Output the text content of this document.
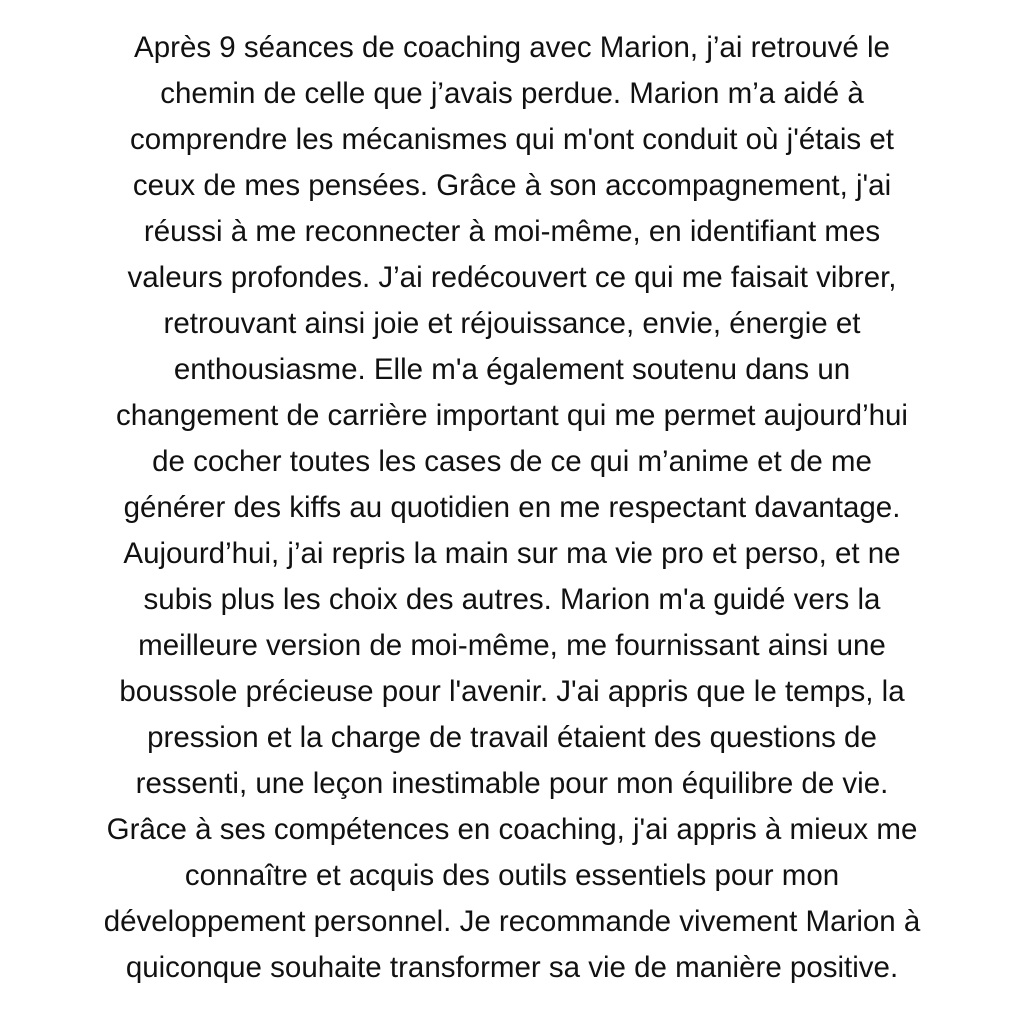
Après 9 séances de coaching avec Marion, j’ai retrouvé le
chemin de celle que j’avais perdue. Marion m’a aidé à
comprendre les mécanismes qui m'ont conduit où j'étais et
ceux de mes pensées. Grâce à son accompagnement, j'ai
réussi à me reconnecter à moi-même, en identifiant mes
valeurs profondes. J’ai redécouvert ce qui me faisait vibrer,
retrouvant ainsi joie et réjouissance, envie, énergie et
enthousiasme. Elle m'a également soutenu dans un
changement de carrière important qui me permet aujourd’hui
de cocher toutes les cases de ce qui m’anime et de me
générer des kiffs au quotidien en me respectant davantage.
Aujourd’hui, j’ai repris la main sur ma vie pro et perso, et ne
subis plus les choix des autres. Marion m'a guidé vers la
meilleure version de moi-même, me fournissant ainsi une
boussole précieuse pour l'avenir. J'ai appris que le temps, la
pression et la charge de travail étaient des questions de
ressenti, une leçon inestimable pour mon équilibre de vie.
Grâce à ses compétences en coaching, j'ai appris à mieux me
connaître et acquis des outils essentiels pour mon
développement personnel. Je recommande vivement Marion à
quiconque souhaite transformer sa vie de manière positive.
